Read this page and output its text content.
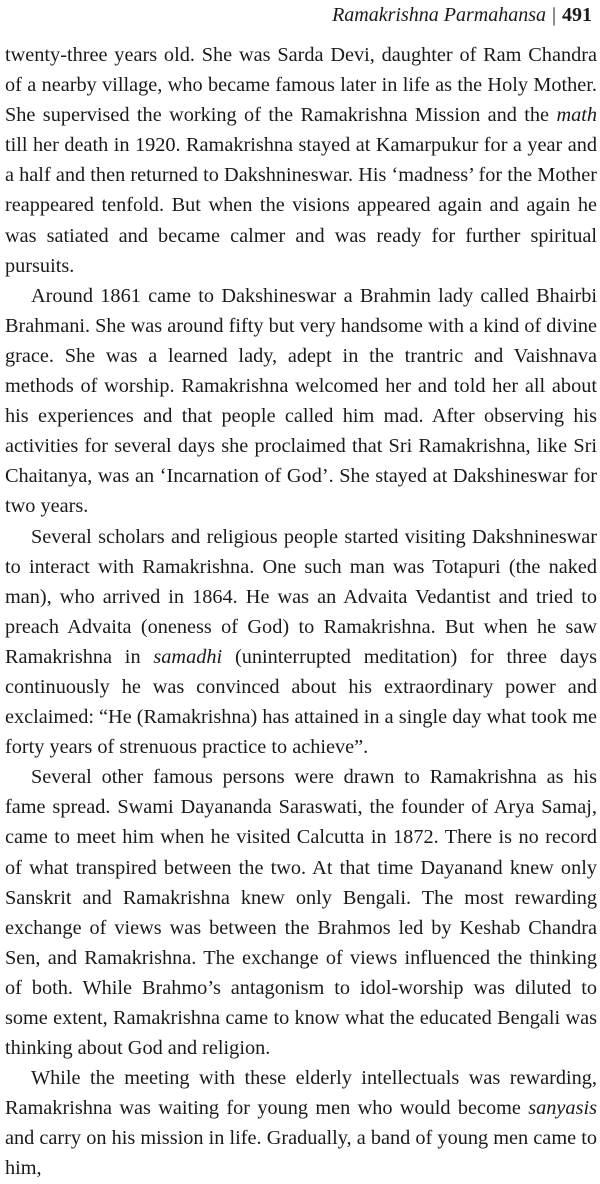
Ramakrishna Parmahansa | 491

twenty-three years old. She was Sarda Devi, daughter of Ram Chandra of a nearby village, who became famous later in life as the Holy Mother. She supervised the working of the Ramakrishna Mission and the math till her death in 1920. Ramakrishna stayed at Kamarpukur for a year and a half and then returned to Dakshnineswar. His ‘madness’ for the Mother reappeared tenfold. But when the visions appeared again and again he was satiated and became calmer and was ready for further spiritual pursuits.

Around 1861 came to Dakshineswar a Brahmin lady called Bhairbi Brahmani. She was around fifty but very handsome with a kind of divine grace. She was a learned lady, adept in the trantric and Vaishnava methods of worship. Ramakrishna welcomed her and told her all about his experiences and that people called him mad. After observing his activities for several days she proclaimed that Sri Ramakrishna, like Sri Chaitanya, was an ‘Incarnation of God’. She stayed at Dakshineswar for two years.

Several scholars and religious people started visiting Dakshnineswar to interact with Ramakrishna. One such man was Totapuri (the naked man), who arrived in 1864. He was an Advaita Vedantist and tried to preach Advaita (oneness of God) to Ramakrishna. But when he saw Ramakrishna in samadhi (uninterrupted meditation) for three days continuously he was convinced about his extraordinary power and exclaimed: “He (Ramakrishna) has attained in a single day what took me forty years of strenuous practice to achieve”.

Several other famous persons were drawn to Ramakrishna as his fame spread. Swami Dayananda Saraswati, the founder of Arya Samaj, came to meet him when he visited Calcutta in 1872. There is no record of what transpired between the two. At that time Dayanand knew only Sanskrit and Ramakrishna knew only Bengali. The most rewarding exchange of views was between the Brahmos led by Keshab Chandra Sen, and Ramakrishna. The exchange of views influenced the thinking of both. While Brahmo’s antagonism to idol-worship was diluted to some extent, Ramakrishna came to know what the educated Bengali was thinking about God and religion.

While the meeting with these elderly intellectuals was rewarding, Ramakrishna was waiting for young men who would become sanyasis and carry on his mission in life. Gradually, a band of young men came to him,
